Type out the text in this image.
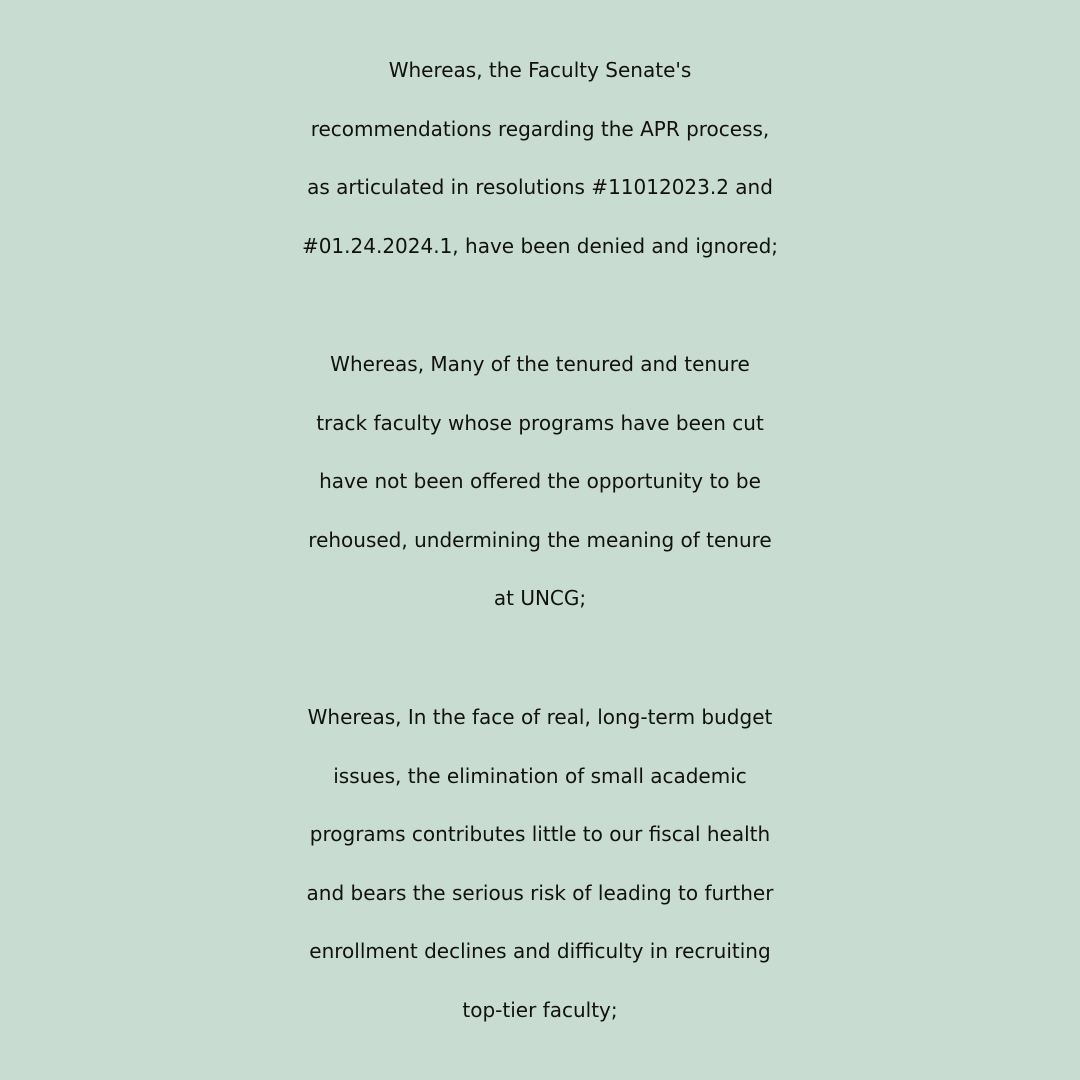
Whereas, the Faculty Senate's
recommendations regarding the APR process,
as articulated in resolutions #11012023.2 and
#01.24.2024.1, have been denied and ignored;

Whereas, Many of the tenured and tenure
track faculty whose programs have been cut
have not been offered the opportunity to be
rehoused, undermining the meaning of tenure
at UNCG;

Whereas, In the face of real, long-term budget
issues, the elimination of small academic
programs contributes little to our fiscal health
and bears the serious risk of leading to further
enrollment declines and difficulty in recruiting
top-tier faculty;
